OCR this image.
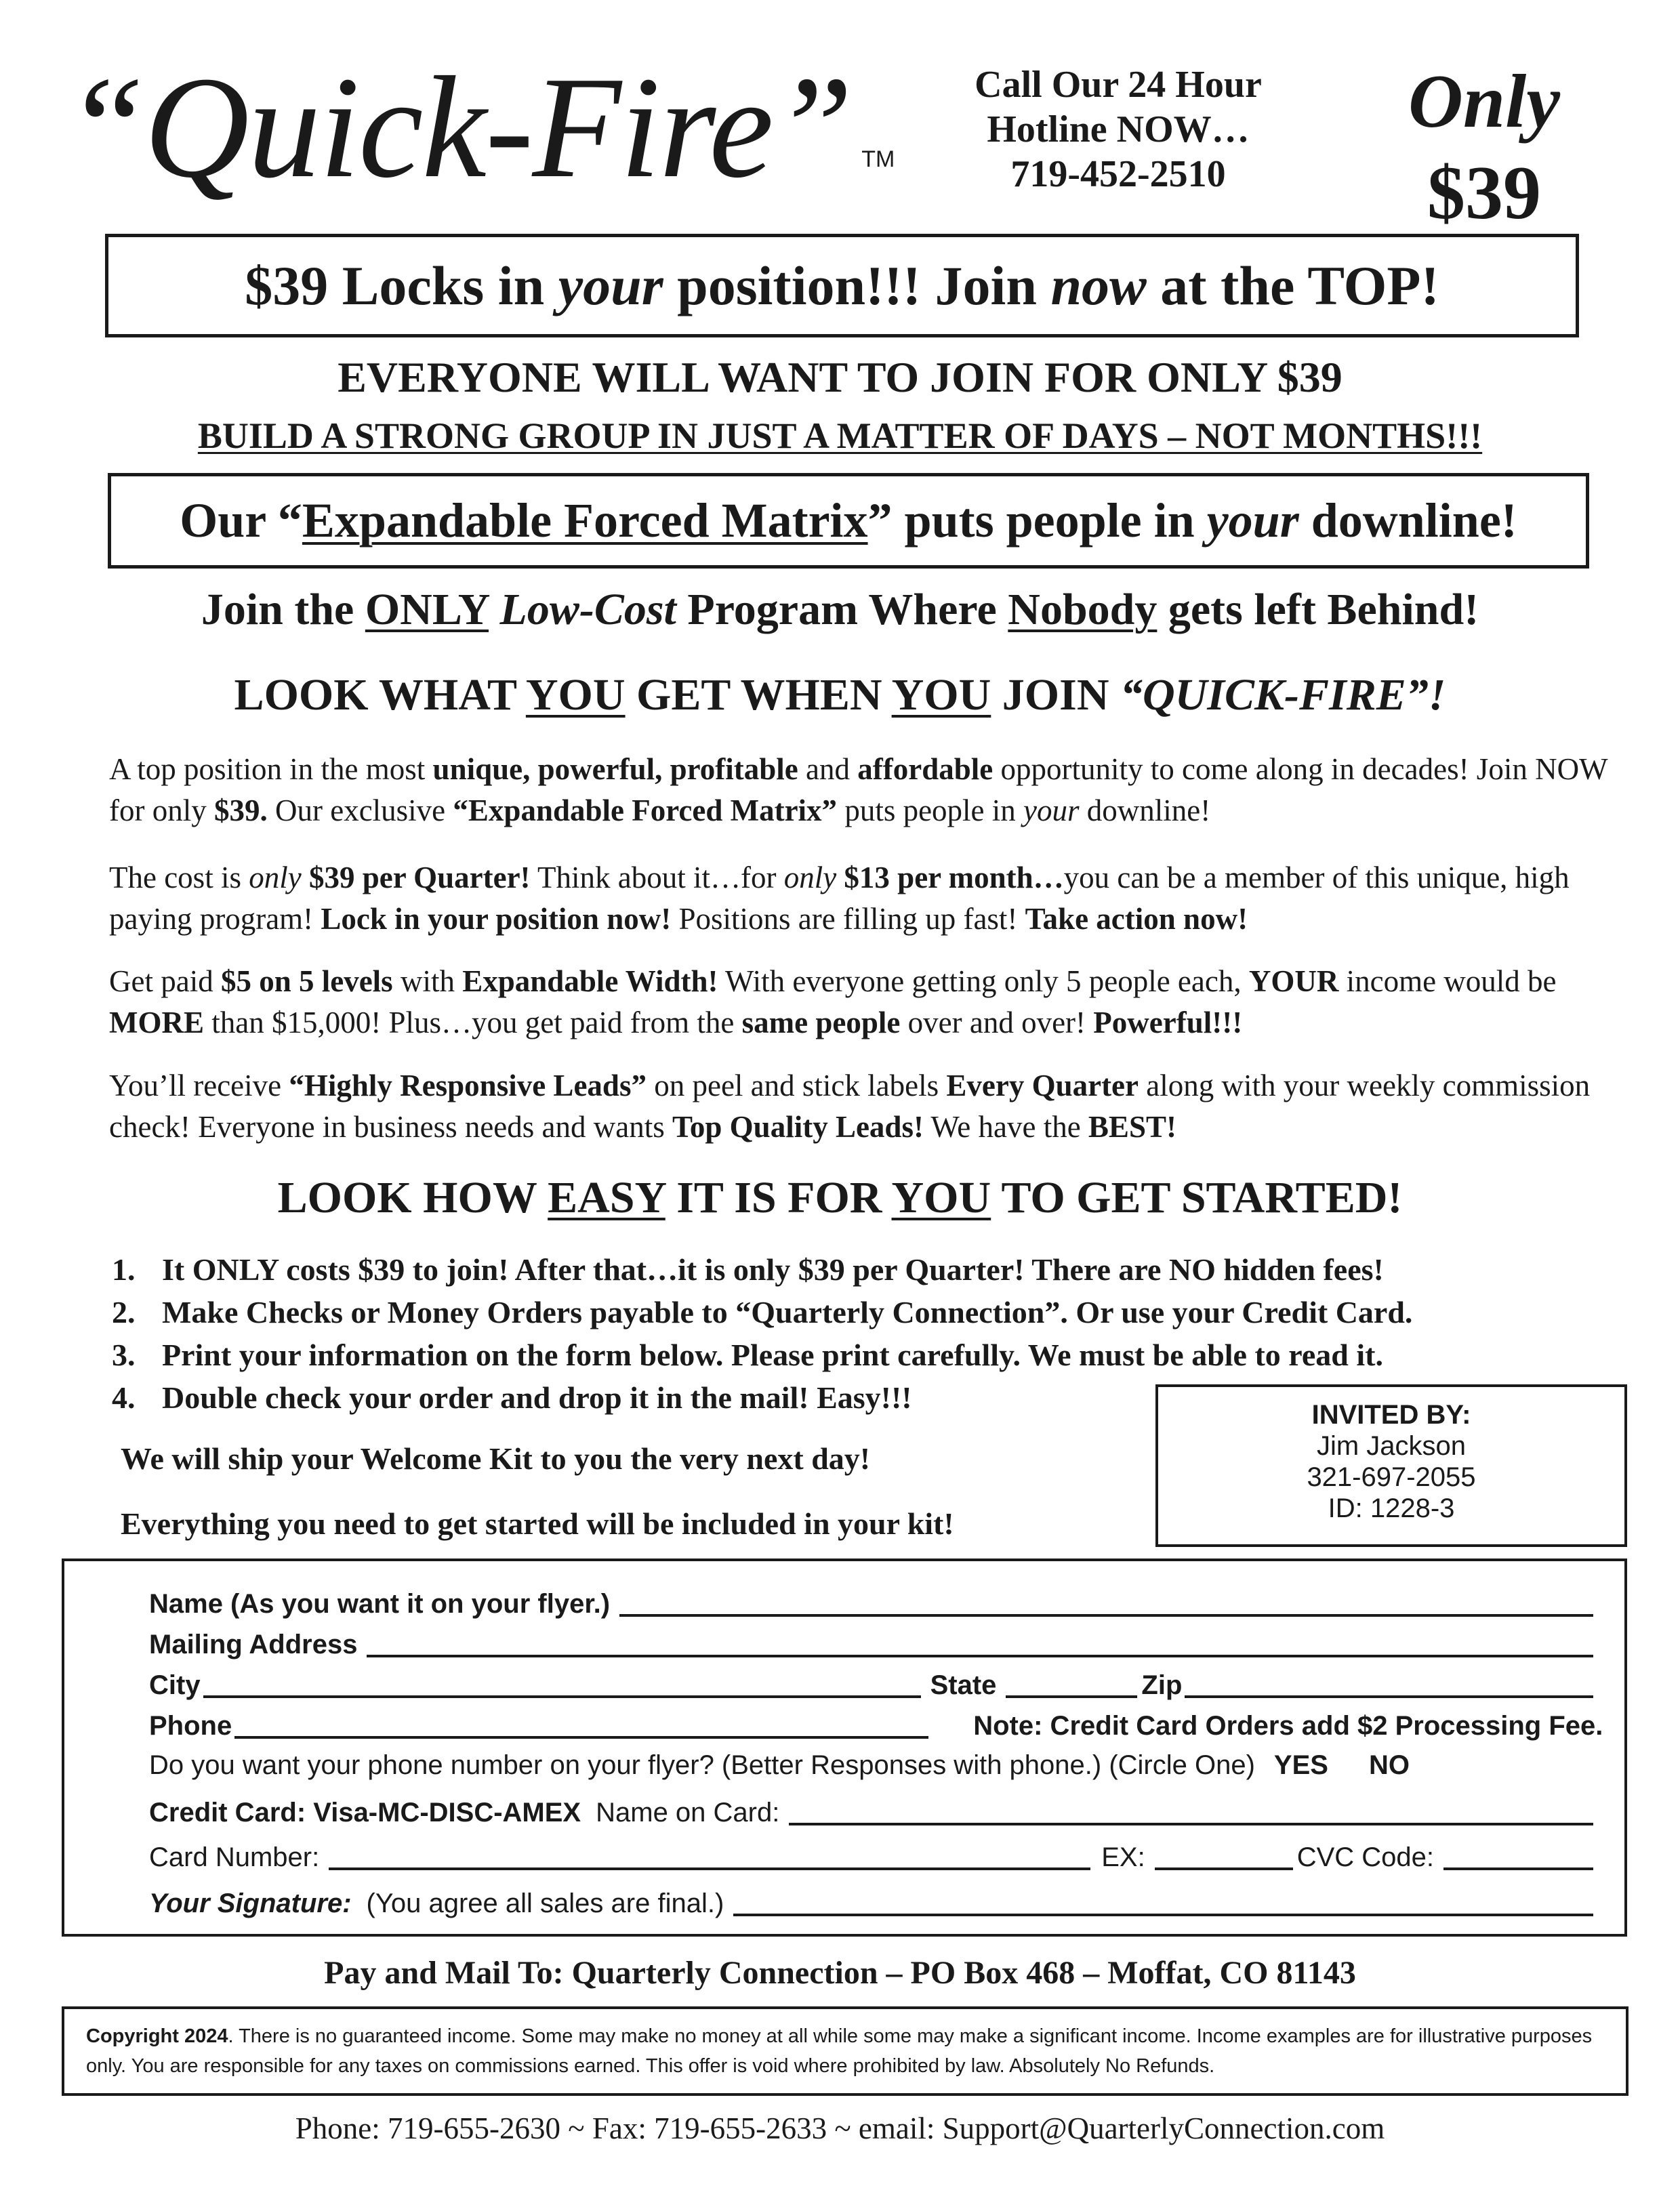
“Quick-Fire” TM
Call Our 24 Hour
Hotline NOW…
719-452-2510
Only
$39
$39 Locks in your position!!! Join now at the TOP!
EVERYONE WILL WANT TO JOIN FOR ONLY $39
BUILD A STRONG GROUP IN JUST A MATTER OF DAYS – NOT MONTHS!!!
Our “Expandable Forced Matrix” puts people in your downline!
Join the ONLY Low-Cost Program Where Nobody gets left Behind!
LOOK WHAT YOU GET WHEN YOU JOIN “QUICK-FIRE”!
A top position in the most unique, powerful, profitable and affordable opportunity to come along in decades! Join NOW for only $39. Our exclusive “Expandable Forced Matrix” puts people in your downline!
The cost is only $39 per Quarter! Think about it…for only $13 per month…you can be a member of this unique, high paying program! Lock in your position now! Positions are filling up fast! Take action now!
Get paid $5 on 5 levels with Expandable Width! With everyone getting only 5 people each, YOUR income would be MORE than $15,000! Plus…you get paid from the same people over and over! Powerful!!!
You’ll receive “Highly Responsive Leads” on peel and stick labels Every Quarter along with your weekly commission check! Everyone in business needs and wants Top Quality Leads! We have the BEST!
LOOK HOW EASY IT IS FOR YOU TO GET STARTED!
1. It ONLY costs $39 to join! After that…it is only $39 per Quarter! There are NO hidden fees!
2. Make Checks or Money Orders payable to “Quarterly Connection”. Or use your Credit Card.
3. Print your information on the form below. Please print carefully. We must be able to read it.
4. Double check your order and drop it in the mail! Easy!!!
We will ship your Welcome Kit to you the very next day!
Everything you need to get started will be included in your kit!
INVITED BY:
Jim Jackson
321-697-2055
ID: 1228-3
Name (As you want it on your flyer.)
Mailing Address
City	State	Zip
Phone	Note: Credit Card Orders add $2 Processing Fee.
Do you want your phone number on your flyer? (Better Responses with phone.) (Circle One) YES NO
Credit Card: Visa-MC-DISC-AMEX Name on Card:
Card Number:	EX:	CVC Code:
Your Signature: (You agree all sales are final.)
Pay and Mail To: Quarterly Connection – PO Box 468 – Moffat, CO 81143
Copyright 2024. There is no guaranteed income. Some may make no money at all while some may make a significant income. Income examples are for illustrative purposes only. You are responsible for any taxes on commissions earned. This offer is void where prohibited by law. Absolutely No Refunds.
Phone: 719-655-2630 ~ Fax: 719-655-2633 ~ email: Support@QuarterlyConnection.com
